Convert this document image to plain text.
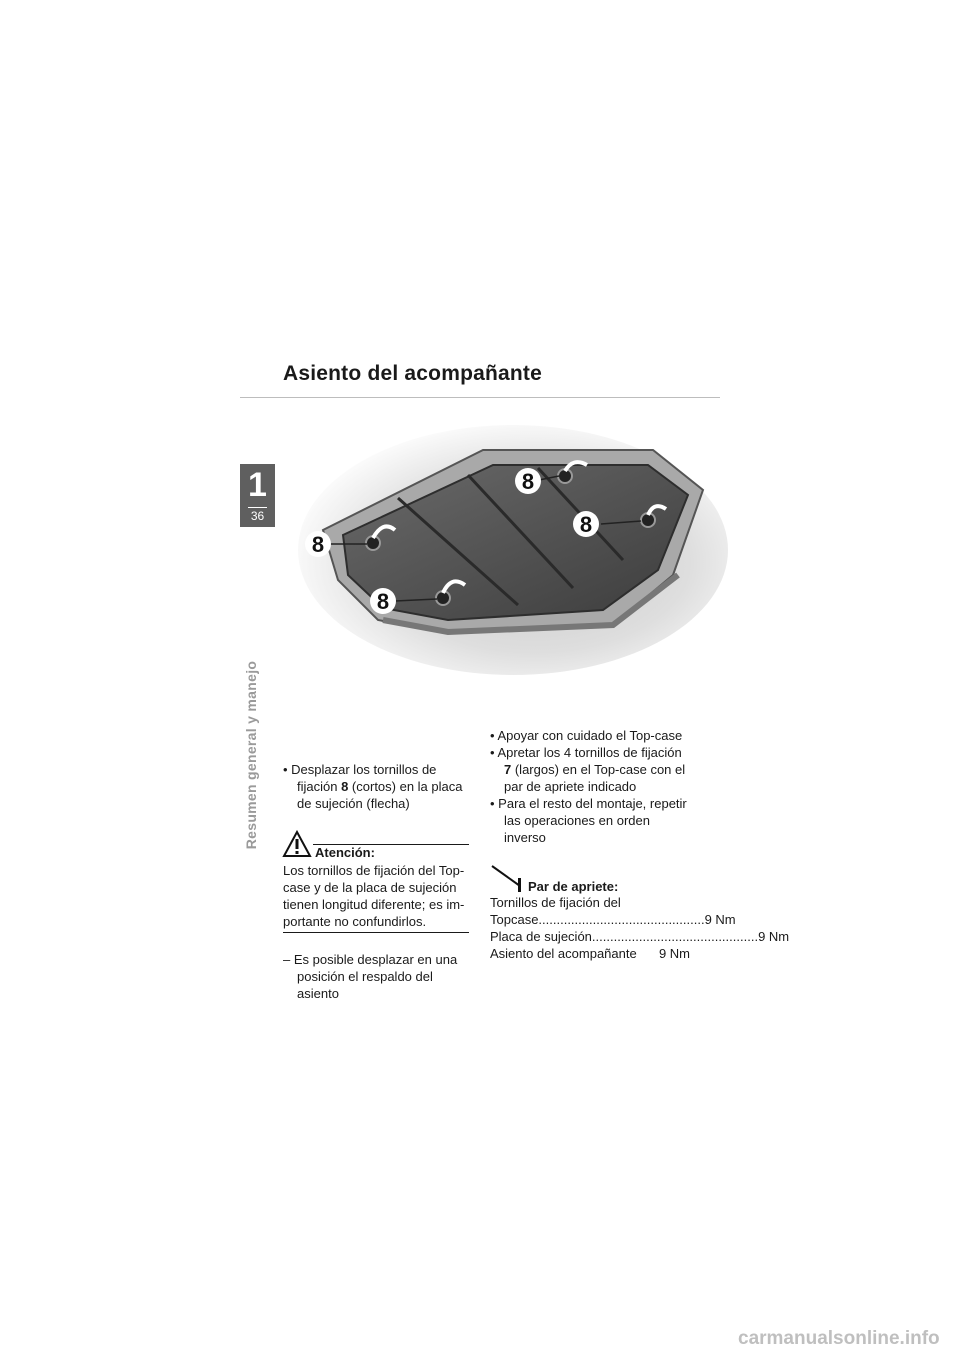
Asiento del acompañante
1
36
Resumen general y manejo
8
8
8
8

• Desplazar los tornillos de fijación 8 (cortos) en la placa de sujeción (flecha)

Atención:
Los tornillos de fijación del Top-case y de la placa de sujeción tienen longitud diferente; es im-portante no confundirlos.

– Es posible desplazar en una posición el respaldo del asiento

• Apoyar con cuidado el Top-case

• Apretar los 4 tornillos de fijación 7 (largos) en el Top-case con el par de apriete indicado

• Para el resto del montaje, repetir las operaciones en orden inverso

Par de apriete:

Tornillos de fijación del

Topcase .............................................. 9 Nm
Placa de sujeción .............................................. 9 Nm
Asiento del acompañante 9 Nm
carmanualsonline.info
